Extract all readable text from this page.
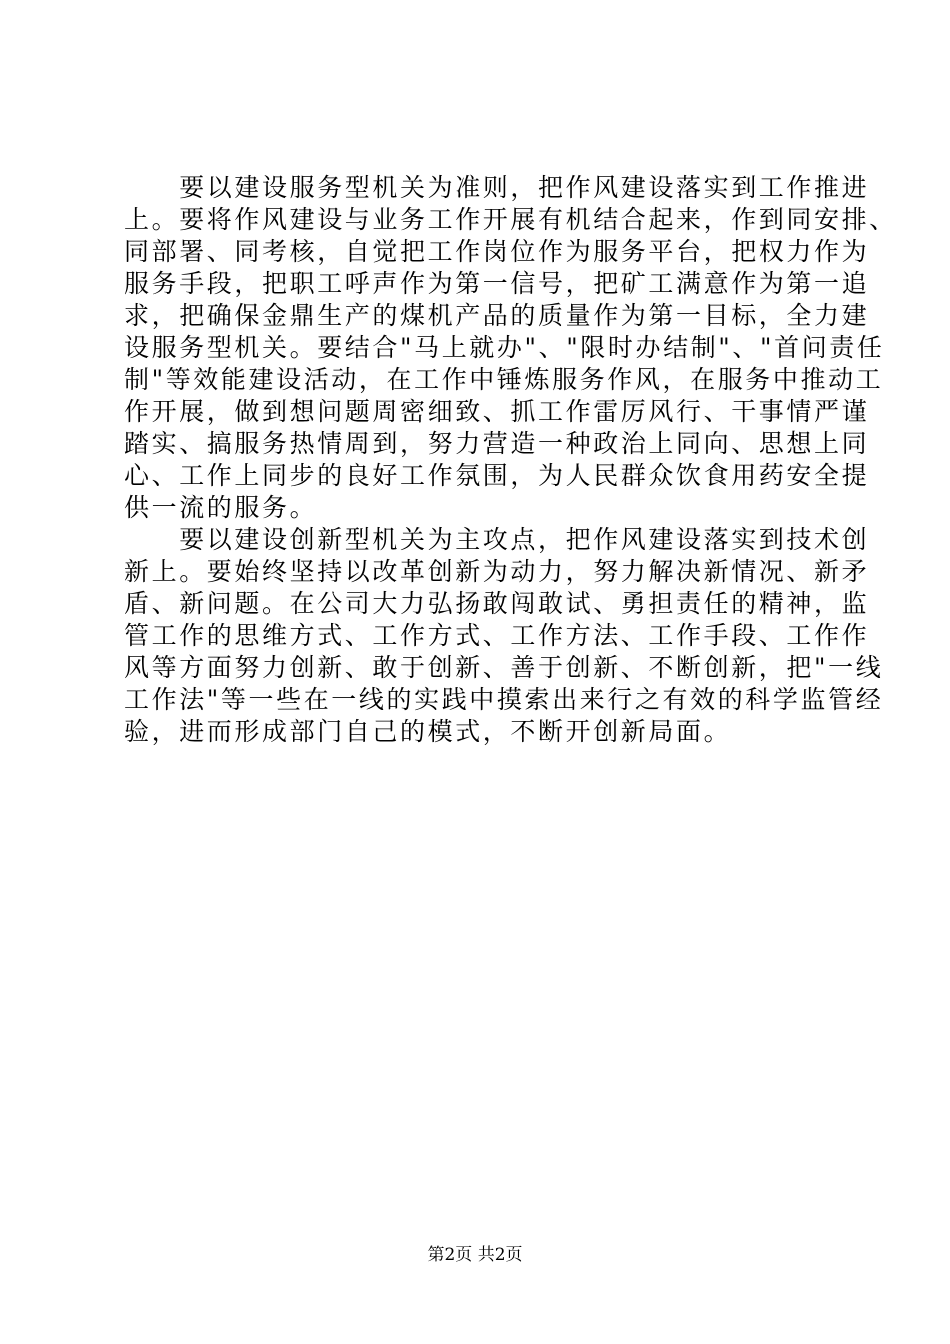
　　要以建设服务型机关为准则，把作风建设落实到工作推进
上。要将作风建设与业务工作开展有机结合起来，作到同安排、
同部署、同考核，自觉把工作岗位作为服务平台，把权力作为
服务手段，把职工呼声作为第一信号，把矿工满意作为第一追
求，把确保金鼎生产的煤机产品的质量作为第一目标，全力建
设服务型机关。要结合"马上就办"、"限时办结制"、"首问责任
制"等效能建设活动，在工作中锤炼服务作风，在服务中推动工
作开展，做到想问题周密细致、抓工作雷厉风行、干事情严谨
踏实、搞服务热情周到，努力营造一种政治上同向、思想上同
心、工作上同步的良好工作氛围，为人民群众饮食用药安全提
供一流的服务。
　　要以建设创新型机关为主攻点，把作风建设落实到技术创
新上。要始终坚持以改革创新为动力，努力解决新情况、新矛
盾、新问题。在公司大力弘扬敢闯敢试、勇担责任的精神，监
管工作的思维方式、工作方式、工作方法、工作手段、工作作
风等方面努力创新、敢于创新、善于创新、不断创新，把"一线
工作法"等一些在一线的实践中摸索出来行之有效的科学监管经
验，进而形成部门自己的模式，不断开创新局面。
第2页 共2页
